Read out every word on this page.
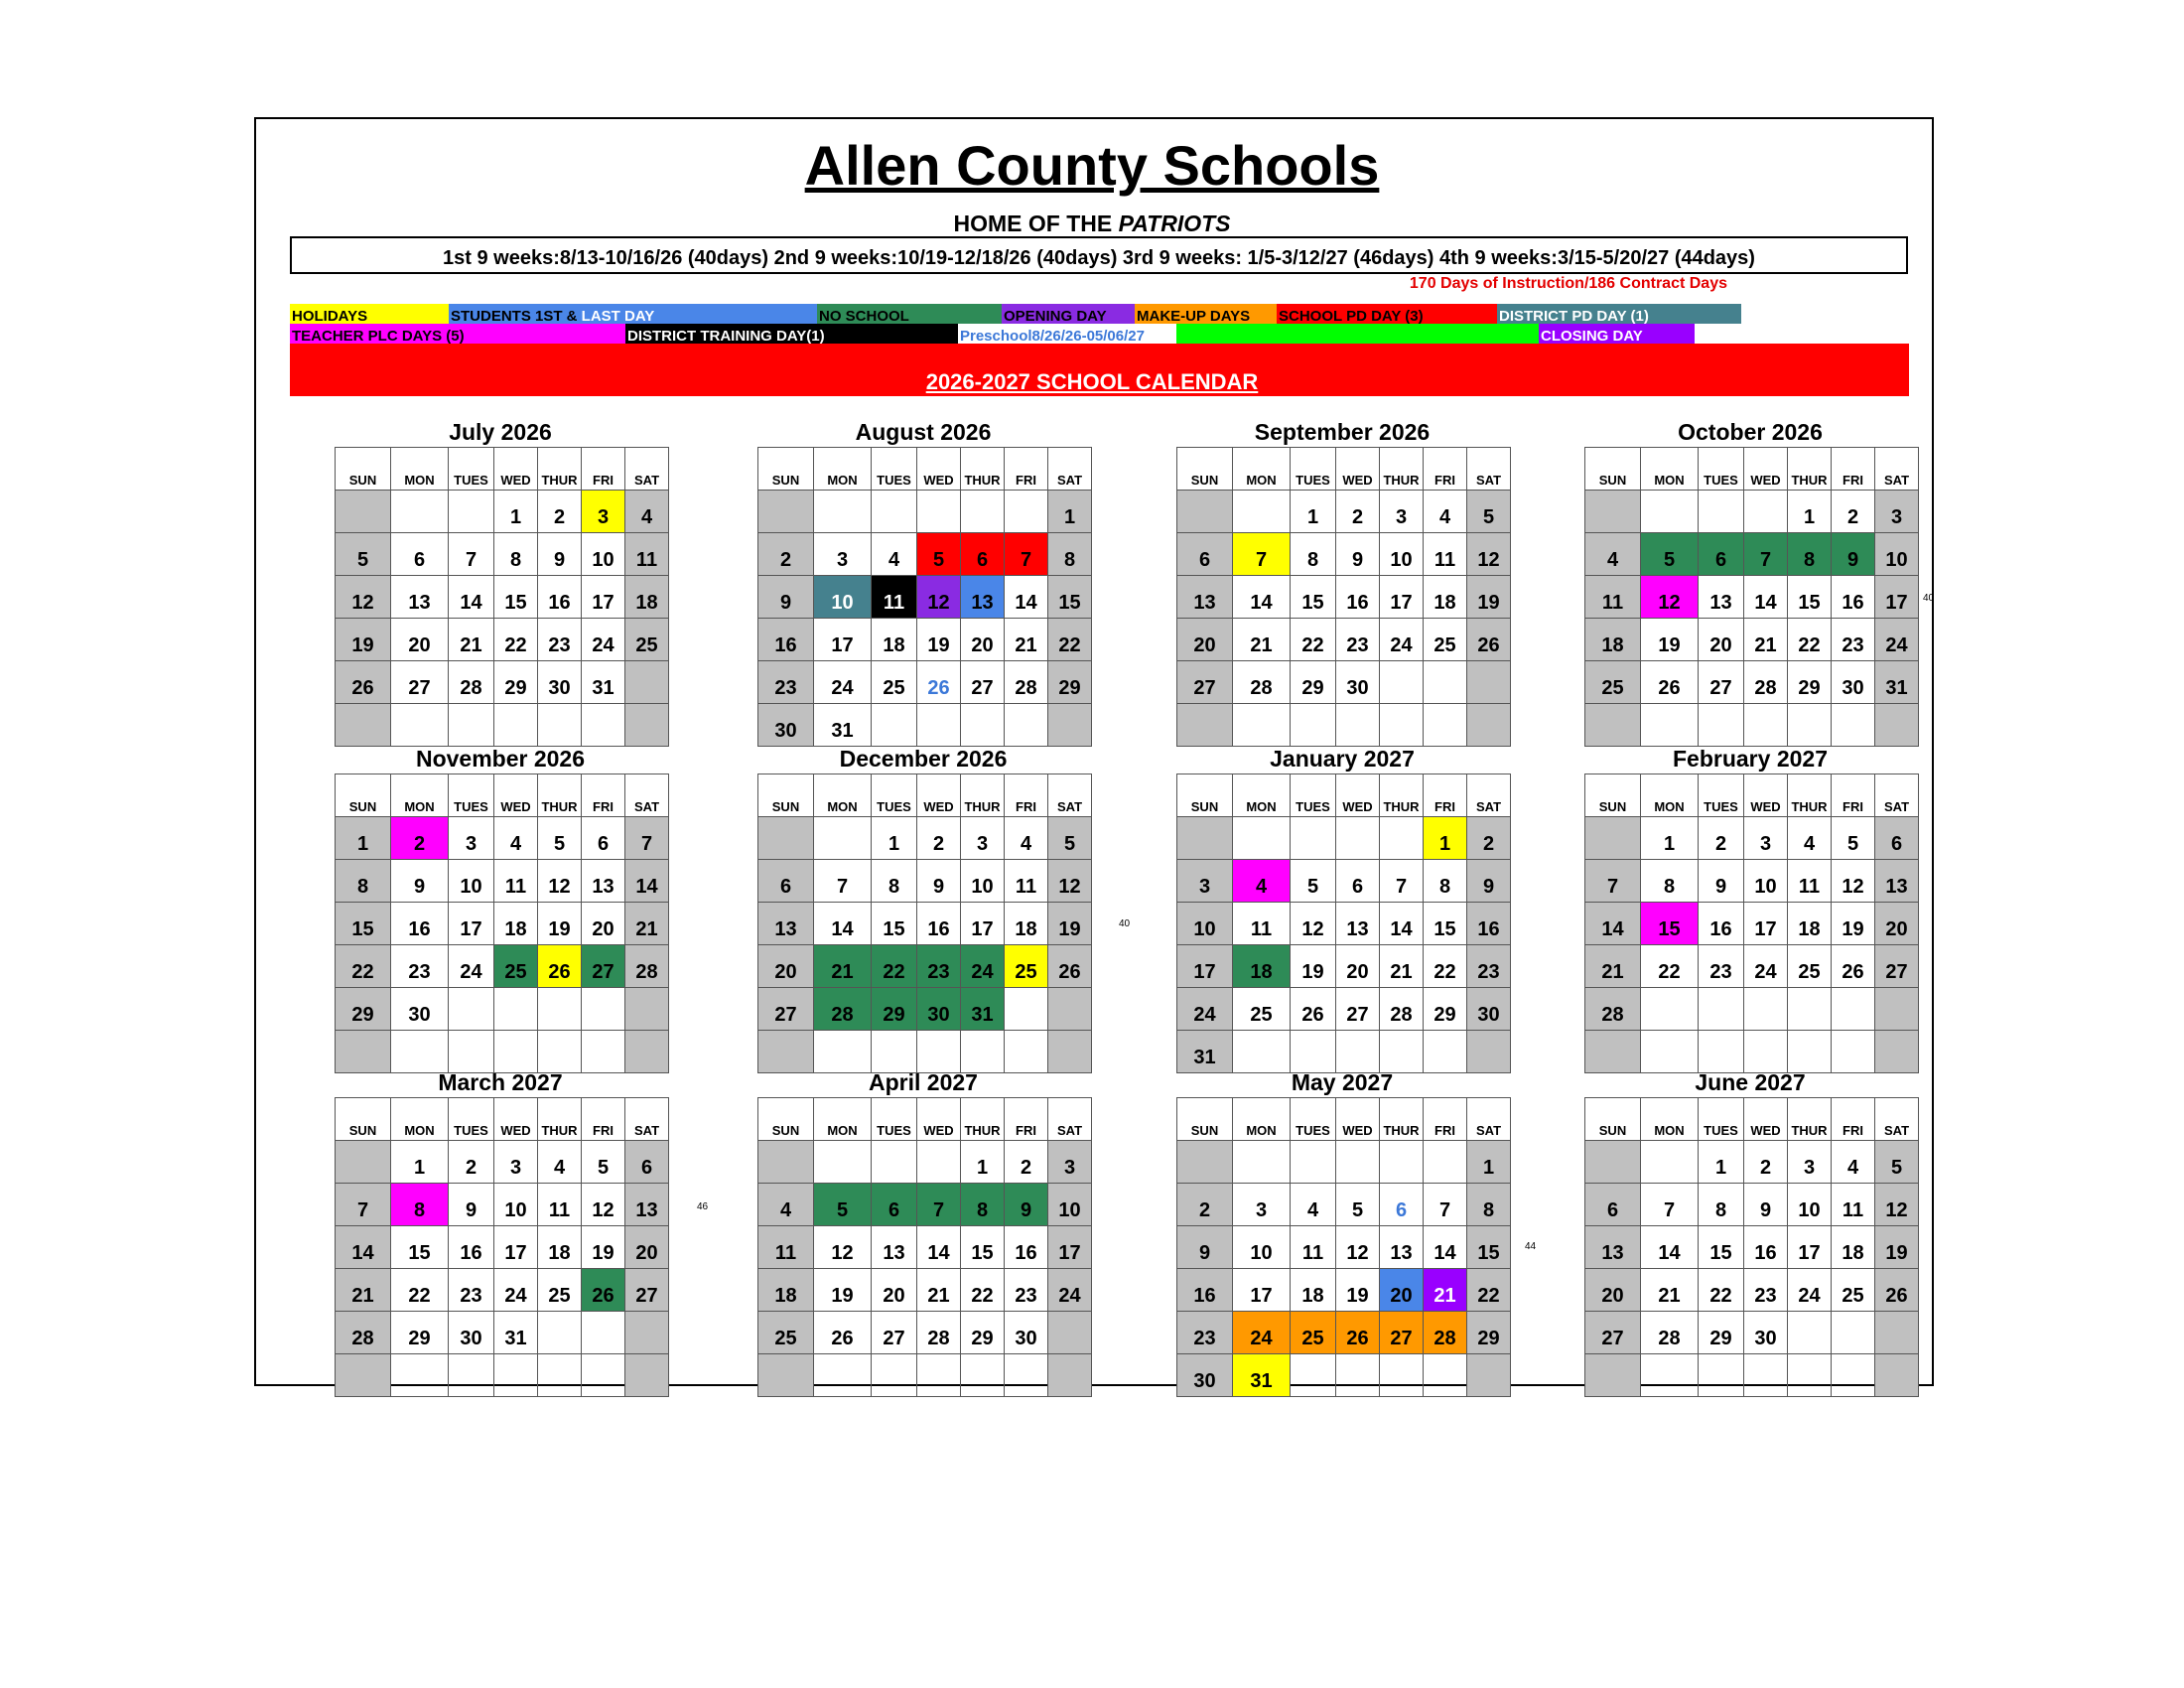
Allen County Schools
HOME OF THE PATRIOTS
1st 9 weeks:8/13-10/16/26 (40days) 2nd 9 weeks:10/19-12/18/26 (40days) 3rd 9 weeks: 1/5-3/12/27 (46days) 4th 9 weeks:3/15-5/20/27 (44days)
170 Days of Instruction/186 Contract Days
HOLIDAYS	STUDENTS 1ST & LAST DAY	NO SCHOOL	OPENING DAY	MAKE-UP DAYS	SCHOOL PD DAY (3)	DISTRICT PD DAY (1)
TEACHER PLC DAYS (5)	DISTRICT TRAINING DAY(1)	Preschool8/26/26-05/06/27	CLOSING DAY
2026-2027 SCHOOL CALENDAR
July 2026
SUN	MON	TUES	WED	THUR	FRI	SAT
			1	2	3	4
5	6	7	8	9	10	11
12	13	14	15	16	17	18
19	20	21	22	23	24	25
26	27	28	29	30	31	

August 2026
SUN	MON	TUES	WED	THUR	FRI	SAT
						1
2	3	4	5	6	7	8
9	10	11	12	13	14	15
16	17	18	19	20	21	22
23	24	25	26	27	28	29
30	31					
September 2026
SUN	MON	TUES	WED	THUR	FRI	SAT
		1	2	3	4	5
6	7	8	9	10	11	12
13	14	15	16	17	18	19
20	21	22	23	24	25	26
27	28	29	30			

October 2026
SUN	MON	TUES	WED	THUR	FRI	SAT
				1	2	3
4	5	6	7	8	9	10
11	12	13	14	15	16	17
18	19	20	21	22	23	24
25	26	27	28	29	30	31

November 2026
SUN	MON	TUES	WED	THUR	FRI	SAT
1	2	3	4	5	6	7
8	9	10	11	12	13	14
15	16	17	18	19	20	21
22	23	24	25	26	27	28
29	30					

December 2026
SUN	MON	TUES	WED	THUR	FRI	SAT
		1	2	3	4	5
6	7	8	9	10	11	12
13	14	15	16	17	18	19
20	21	22	23	24	25	26
27	28	29	30	31		

January 2027
SUN	MON	TUES	WED	THUR	FRI	SAT
					1	2
3	4	5	6	7	8	9
10	11	12	13	14	15	16
17	18	19	20	21	22	23
24	25	26	27	28	29	30
31						
February 2027
SUN	MON	TUES	WED	THUR	FRI	SAT
	1	2	3	4	5	6
7	8	9	10	11	12	13
14	15	16	17	18	19	20
21	22	23	24	25	26	27
28						

March 2027
SUN	MON	TUES	WED	THUR	FRI	SAT
	1	2	3	4	5	6
7	8	9	10	11	12	13
14	15	16	17	18	19	20
21	22	23	24	25	26	27
28	29	30	31			

April 2027
SUN	MON	TUES	WED	THUR	FRI	SAT
				1	2	3
4	5	6	7	8	9	10
11	12	13	14	15	16	17
18	19	20	21	22	23	24
25	26	27	28	29	30	

May 2027
SUN	MON	TUES	WED	THUR	FRI	SAT
						1
2	3	4	5	6	7	8
9	10	11	12	13	14	15
16	17	18	19	20	21	22
23	24	25	26	27	28	29
30	31					
June 2027
SUN	MON	TUES	WED	THUR	FRI	SAT
		1	2	3	4	5
6	7	8	9	10	11	12
13	14	15	16	17	18	19
20	21	22	23	24	25	26
27	28	29	30			

40
40
46
44
